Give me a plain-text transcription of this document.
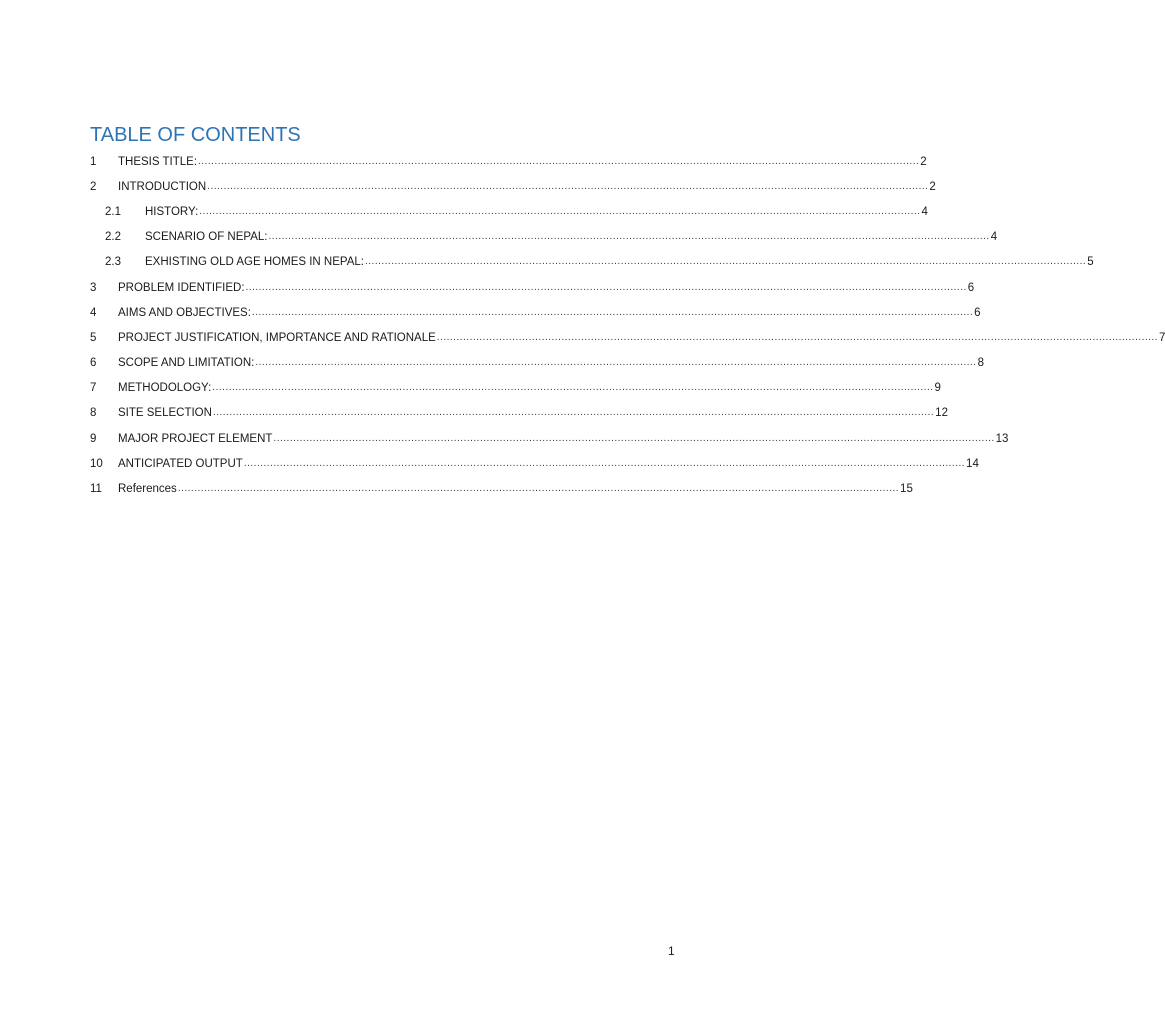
TABLE OF CONTENTS
1	THESIS TITLE: ............................................................................................................................................................................................................................ 2
2	INTRODUCTION ............................................................................................................................................................................................................................ 2
2.1	HISTORY: ............................................................................................................................................................................................................................ 4
2.2	SCENARIO OF NEPAL: ............................................................................................................................................................................................................................ 4
2.3	EXHISTING OLD AGE HOMES IN NEPAL: ............................................................................................................................................................................................................................ 5
3	PROBLEM IDENTIFIED: ............................................................................................................................................................................................................................ 6
4	AIMS AND OBJECTIVES: ............................................................................................................................................................................................................................ 6
5	PROJECT JUSTIFICATION, IMPORTANCE AND RATIONALE ............................................................................................................................................................................................................................ 7
6	SCOPE AND LIMITATION: ............................................................................................................................................................................................................................ 8
7	METHODOLOGY: ............................................................................................................................................................................................................................ 9
8	SITE SELECTION ............................................................................................................................................................................................................................ 12
9	MAJOR PROJECT ELEMENT ............................................................................................................................................................................................................................ 13
10	ANTICIPATED OUTPUT ............................................................................................................................................................................................................................ 14
11	References ............................................................................................................................................................................................................................ 15
1
